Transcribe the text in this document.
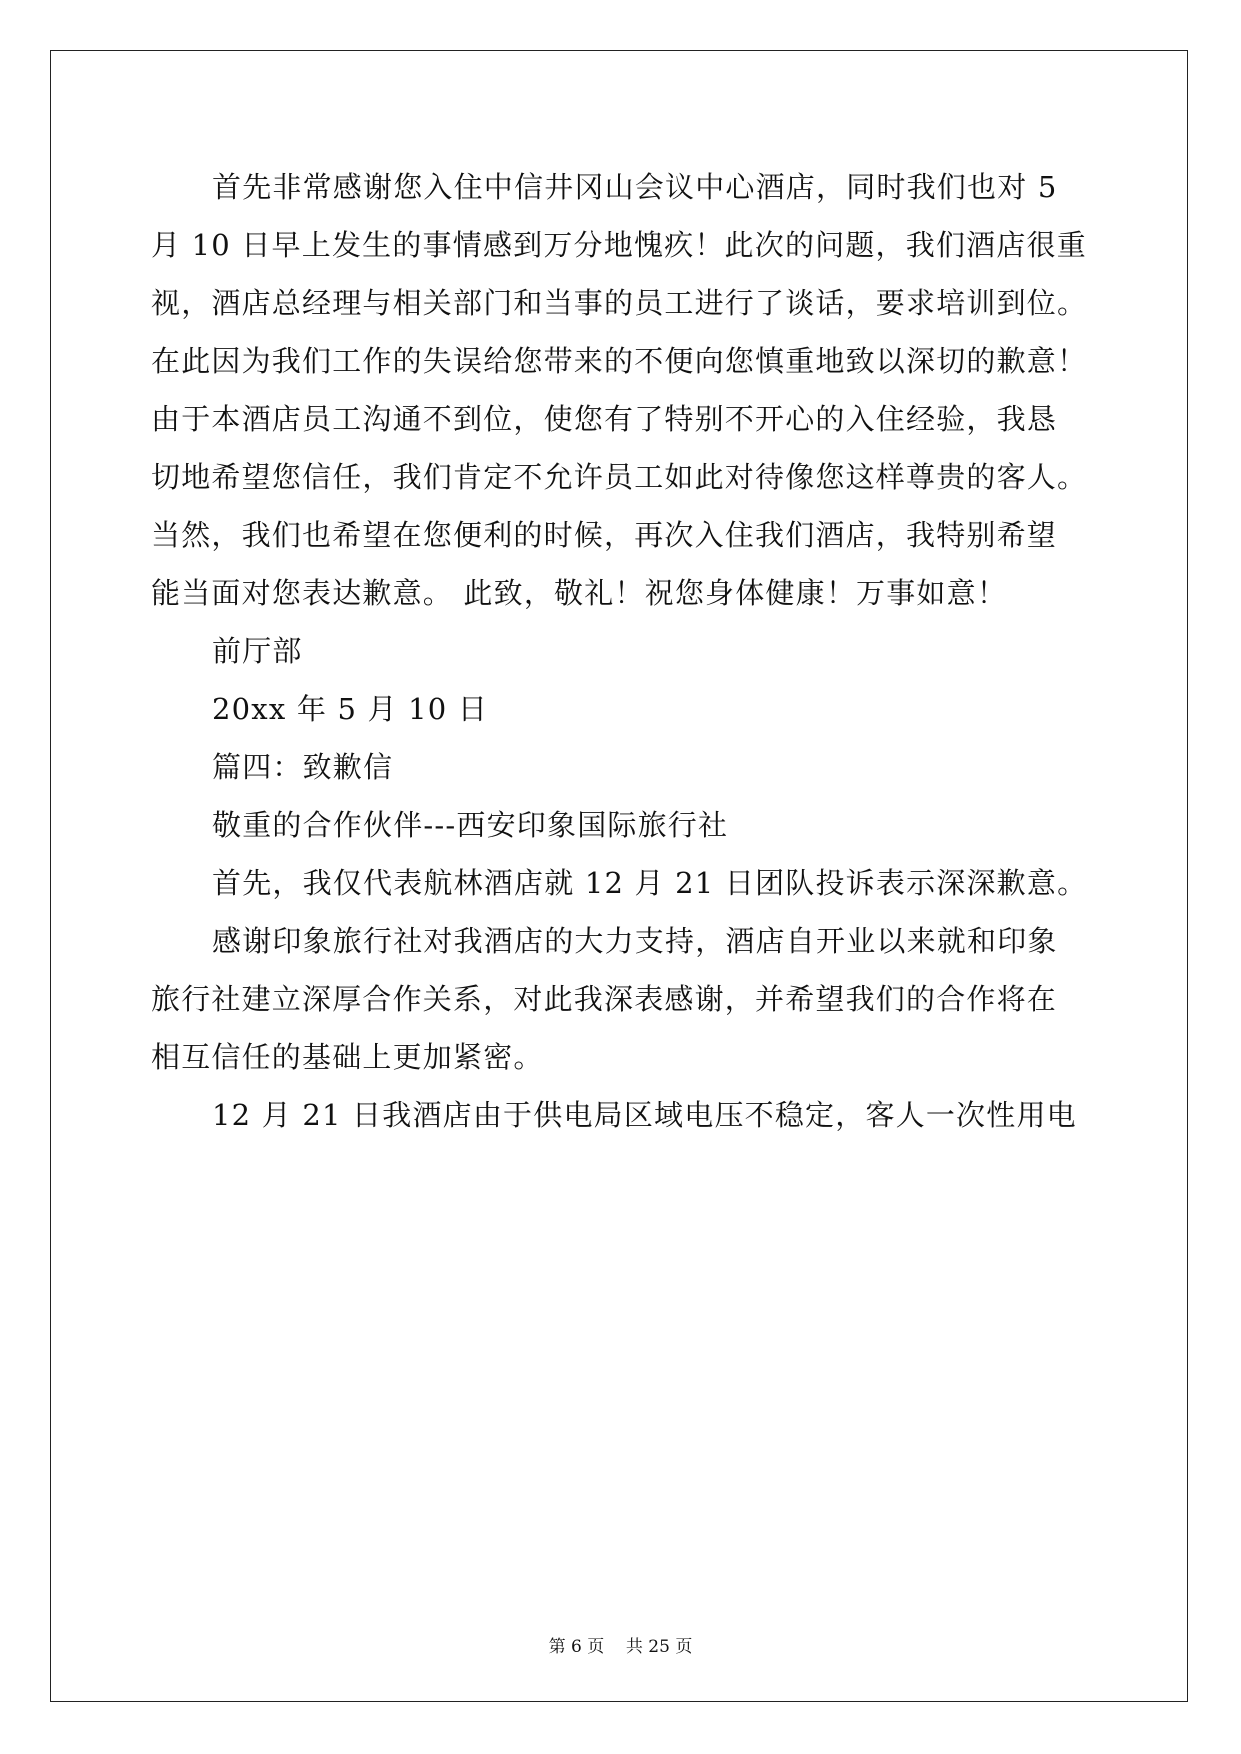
首先非常感谢您入住中信井冈山会议中心酒店，同时我们也对 5
月 10 日早上发生的事情感到万分地愧疚！此次的问题，我们酒店很重
视，酒店总经理与相关部门和当事的员工进行了谈话，要求培训到位。
在此因为我们工作的失误给您带来的不便向您慎重地致以深切的歉意！
由于本酒店员工沟通不到位，使您有了特别不开心的入住经验，我恳
切地希望您信任，我们肯定不允许员工如此对待像您这样尊贵的客人。
当然，我们也希望在您便利的时候，再次入住我们酒店，我特别希望
能当面对您表达歉意。 此致，敬礼！祝您身体健康！万事如意！
前厅部
20xx 年 5 月 10 日
篇四：致歉信
敬重的合作伙伴---西安印象国际旅行社
首先，我仅代表航林酒店就 12 月 21 日团队投诉表示深深歉意。
感谢印象旅行社对我酒店的大力支持，酒店自开业以来就和印象
旅行社建立深厚合作关系，对此我深表感谢，并希望我们的合作将在
相互信任的基础上更加紧密。
12 月 21 日我酒店由于供电局区域电压不稳定，客人一次性用电
第 6 页    共 25 页
